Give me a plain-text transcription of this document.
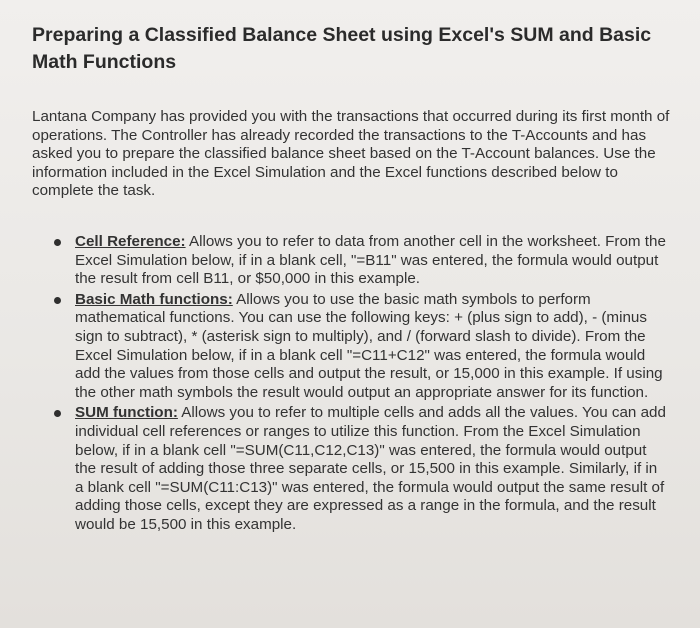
Preparing a Classified Balance Sheet using Excel's SUM and Basic Math Functions

Lantana Company has provided you with the transactions that occurred during its first month of operations. The Controller has already recorded the transactions to the T-Accounts and has asked you to prepare the classified balance sheet based on the T-Account balances. Use the information included in the Excel Simulation and the Excel functions described below to complete the task.

Cell Reference: Allows you to refer to data from another cell in the worksheet. From the Excel Simulation below, if in a blank cell, "=B11" was entered, the formula would output the result from cell B11, or $50,000 in this example.
Basic Math functions: Allows you to use the basic math symbols to perform mathematical functions. You can use the following keys: + (plus sign to add), - (minus sign to subtract), * (asterisk sign to multiply), and / (forward slash to divide). From the Excel Simulation below, if in a blank cell "=C11+C12" was entered, the formula would add the values from those cells and output the result, or 15,000 in this example. If using the other math symbols the result would output an appropriate answer for its function.
SUM function: Allows you to refer to multiple cells and adds all the values. You can add individual cell references or ranges to utilize this function. From the Excel Simulation below, if in a blank cell "=SUM(C11,C12,C13)" was entered, the formula would output the result of adding those three separate cells, or 15,500 in this example. Similarly, if in a blank cell "=SUM(C11:C13)" was entered, the formula would output the same result of adding those cells, except they are expressed as a range in the formula, and the result would be 15,500 in this example.
